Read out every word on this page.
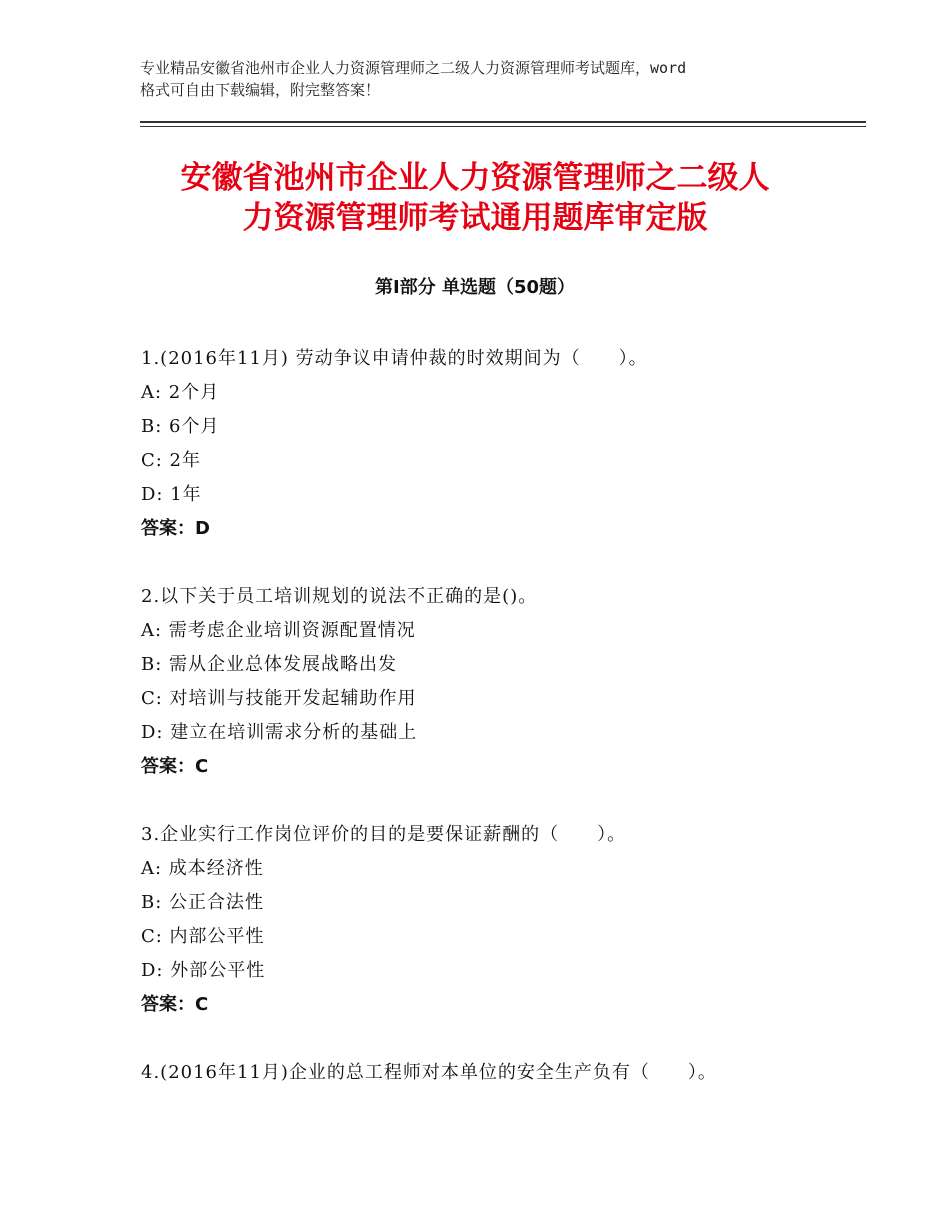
专业精品安徽省池州市企业人力资源管理师之二级人力资源管理师考试题库，word
格式可自由下载编辑，附完整答案！
安徽省池州市企业人力资源管理师之二级人
力资源管理师考试通用题库审定版
第Ⅰ部分 单选题（50题）
1.(2016年11月) 劳动争议申请仲裁的时效期间为（　　）。
A: 2个月
B: 6个月
C: 2年
D: 1年
答案：D
2.以下关于员工培训规划的说法不正确的是()。
A: 需考虑企业培训资源配置情况
B: 需从企业总体发展战略出发
C: 对培训与技能开发起辅助作用
D: 建立在培训需求分析的基础上
答案：C
3.企业实行工作岗位评价的目的是要保证薪酬的（　　）。
A: 成本经济性
B: 公正合法性
C: 内部公平性
D: 外部公平性
答案：C
4.(2016年11月)企业的总工程师对本单位的安全生产负有（　　）。
